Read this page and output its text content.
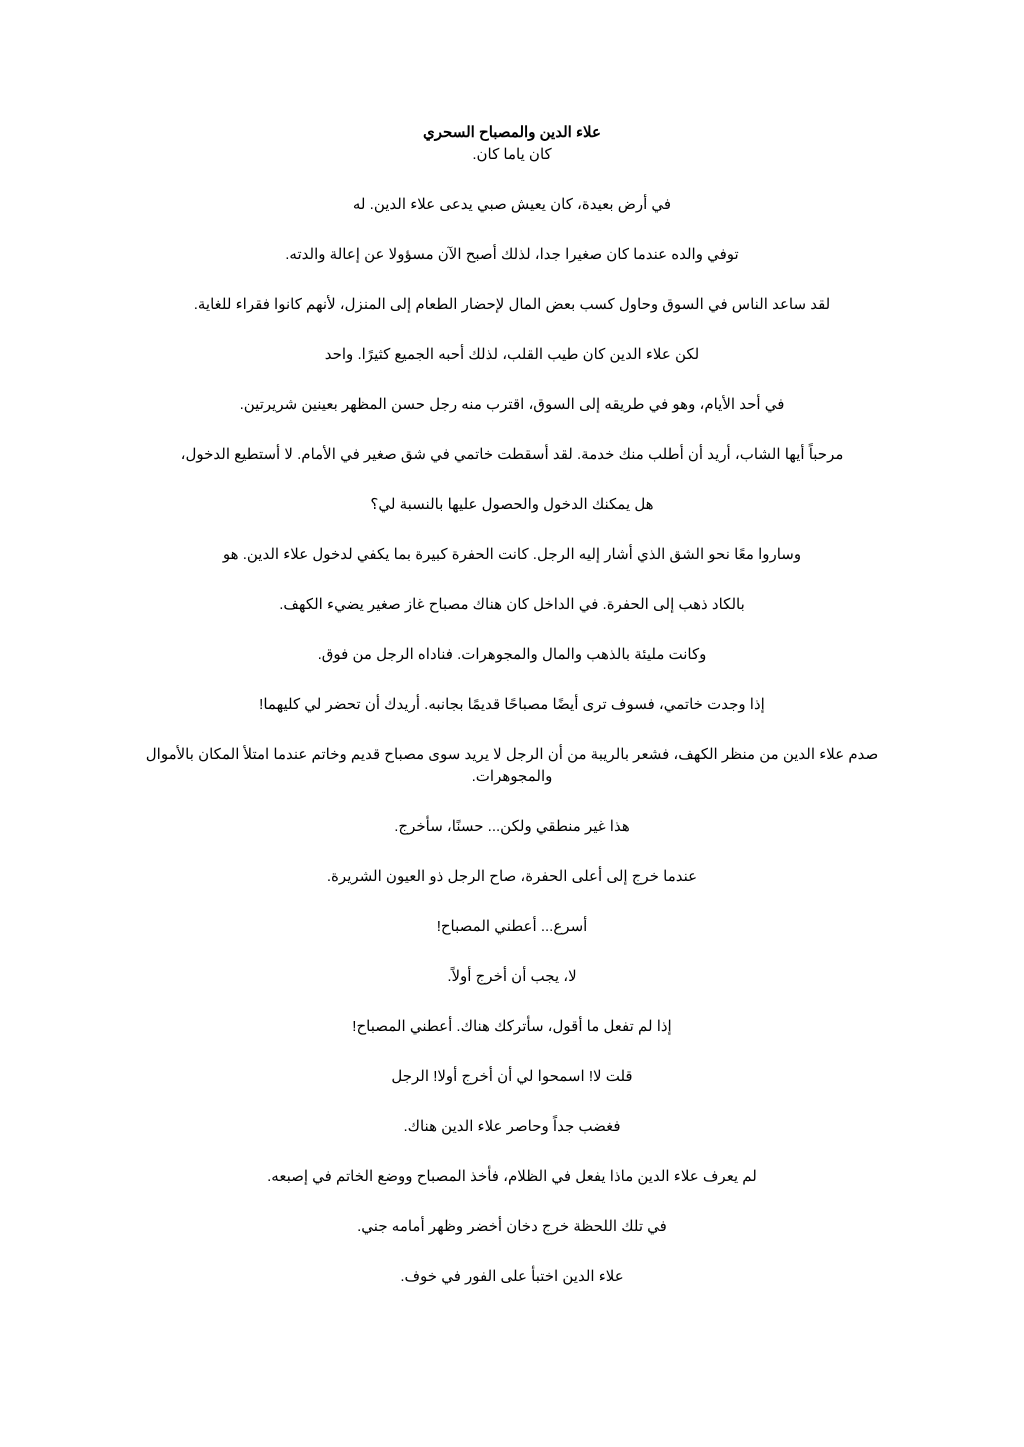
علاء الدين والمصباح السحري

كان ياما كان.

في أرض بعيدة، كان يعيش صبي يدعى علاء الدين. له

توفي والده عندما كان صغيرا جدا، لذلك أصبح الآن مسؤولا عن إعالة والدته.

لقد ساعد الناس في السوق وحاول كسب بعض المال لإحضار الطعام إلى المنزل، لأنهم كانوا فقراء للغاية.

لكن علاء الدين كان طيب القلب، لذلك أحبه الجميع كثيرًا. واحد

في أحد الأيام، وهو في طريقه إلى السوق، اقترب منه رجل حسن المظهر بعينين شريرتين.

مرحباً أيها الشاب، أريد أن أطلب منك خدمة. لقد أسقطت خاتمي في شق صغير في الأمام. لا أستطيع الدخول،

هل يمكنك الدخول والحصول عليها بالنسبة لي؟

وساروا معًا نحو الشق الذي أشار إليه الرجل. كانت الحفرة كبيرة بما يكفي لدخول علاء الدين. هو

بالكاد ذهب إلى الحفرة. في الداخل كان هناك مصباح غاز صغير يضيء الكهف.

وكانت مليئة بالذهب والمال والمجوهرات. فناداه الرجل من فوق.

إذا وجدت خاتمي، فسوف ترى أيضًا مصباحًا قديمًا بجانبه. أريدك أن تحضر لي كليهما!

صدم علاء الدين من منظر الكهف، فشعر بالريبة من أن الرجل لا يريد سوى مصباح قديم وخاتم عندما امتلأ المكان بالأموال والمجوهرات.

هذا غير منطقي ولكن... حسنًا، سأخرج.

عندما خرج إلى أعلى الحفرة، صاح الرجل ذو العيون الشريرة.

أسرع... أعطني المصباح!

لا، يجب أن أخرج أولاً.

إذا لم تفعل ما أقول، سأتركك هناك. أعطني المصباح!

قلت لا! اسمحوا لي أن أخرج أولا! الرجل

فغضب جداً وحاصر علاء الدين هناك.

لم يعرف علاء الدين ماذا يفعل في الظلام، فأخذ المصباح ووضع الخاتم في إصبعه.

في تلك اللحظة خرج دخان أخضر وظهر أمامه جني.

علاء الدين اختبأ على الفور في خوف.
